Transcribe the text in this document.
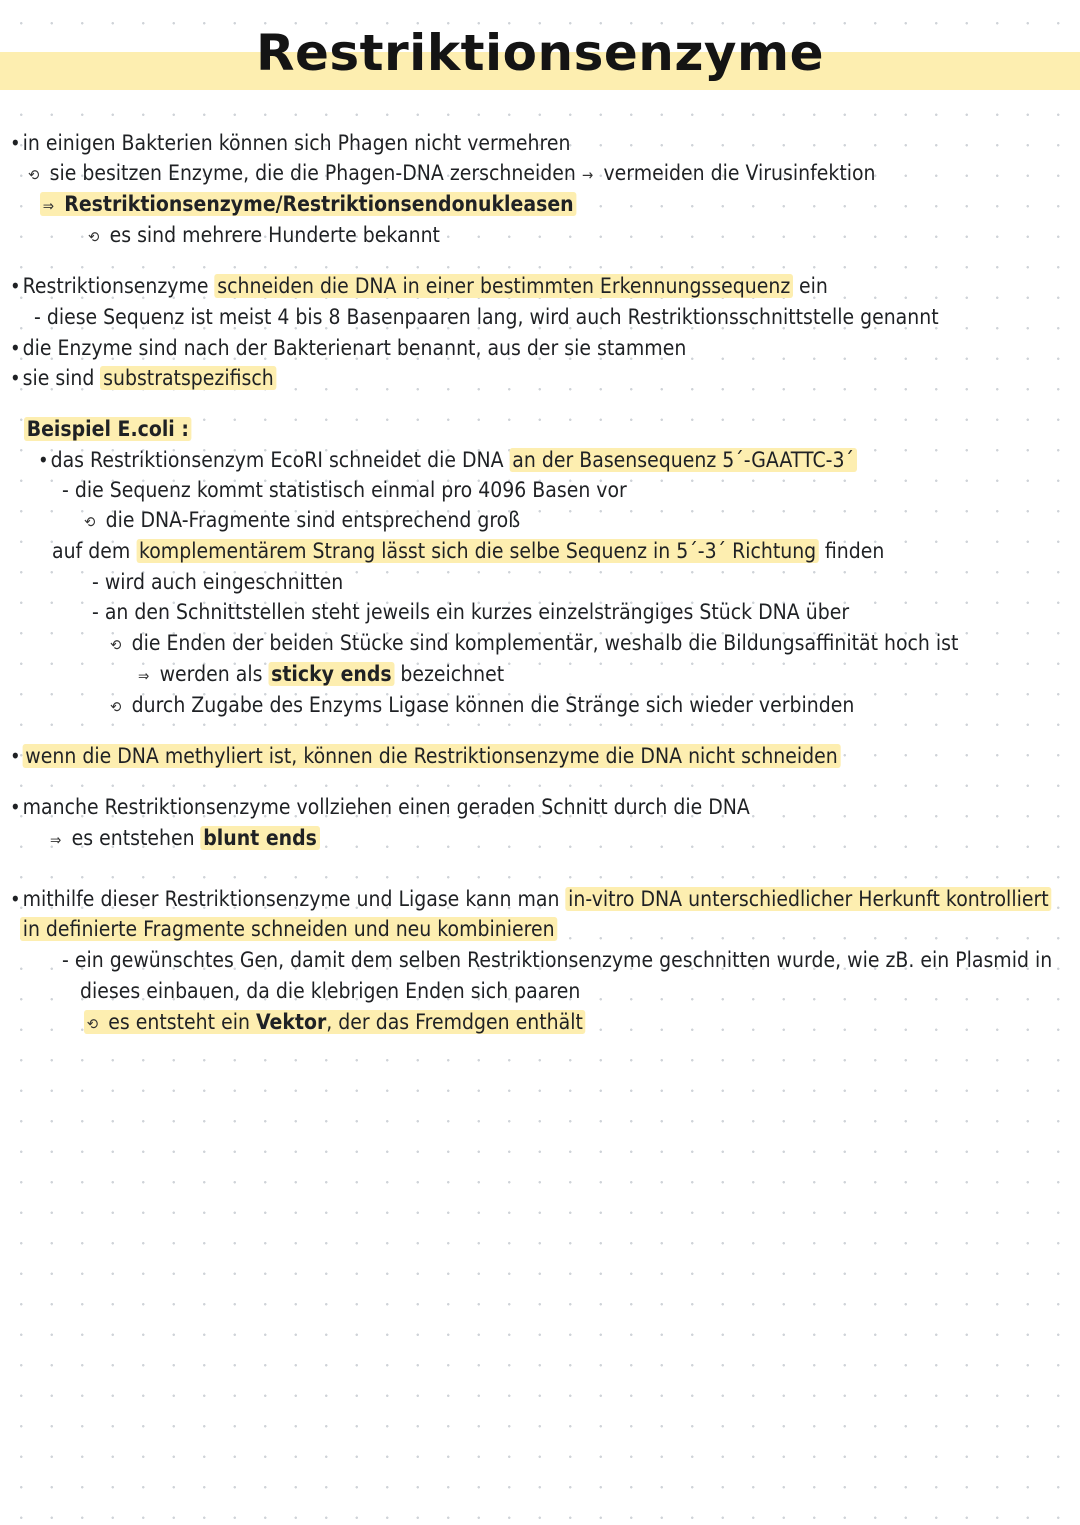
Restriktionsenzyme
•in einigen Bakterien können sich Phagen nicht vermehren
⟲ sie besitzen Enzyme, die die Phagen-DNA zerschneiden → vermeiden die Virusinfektion
⇒ Restriktionsenzyme/Restriktionsendonukleasen
⟲ es sind mehrere Hunderte bekannt
•Restriktionsenzyme schneiden die DNA in einer bestimmten Erkennungssequenz ein
- diese Sequenz ist meist 4 bis 8 Basenpaaren lang, wird auch Restriktionsschnittstelle genannt
•die Enzyme sind nach der Bakterienart benannt, aus der sie stammen
•sie sind substratspezifisch
Beispiel E.coli :
•das Restriktionsenzym EcoRI schneidet die DNA an der Basensequenz 5´-GAATTC-3´
- die Sequenz kommt statistisch einmal pro 4096 Basen vor
⟲ die DNA-Fragmente sind entsprechend groß
auf dem komplementärem Strang lässt sich die selbe Sequenz in 5´-3´ Richtung finden
- wird auch eingeschnitten
- an den Schnittstellen steht jeweils ein kurzes einzelsträngiges Stück DNA über
⟲ die Enden der beiden Stücke sind komplementär, weshalb die Bildungsaffinität hoch ist
⇒ werden als sticky ends bezeichnet
⟲ durch Zugabe des Enzyms Ligase können die Stränge sich wieder verbinden
• wenn die DNA methyliert ist, können die Restriktionsenzyme die DNA nicht schneiden
•manche Restriktionsenzyme vollziehen einen geraden Schnitt durch die DNA
⇒ es entstehen blunt ends
•mithilfe dieser Restriktionsenzyme und Ligase kann man in-vitro DNA unterschiedlicher Herkunft kontrolliert
in definierte Fragmente schneiden und neu kombinieren
- ein gewünschtes Gen, damit dem selben Restriktionsenzyme geschnitten wurde, wie zB. ein Plasmid in
dieses einbauen, da die klebrigen Enden sich paaren
⟲ es entsteht ein Vektor, der das Fremdgen enthält
